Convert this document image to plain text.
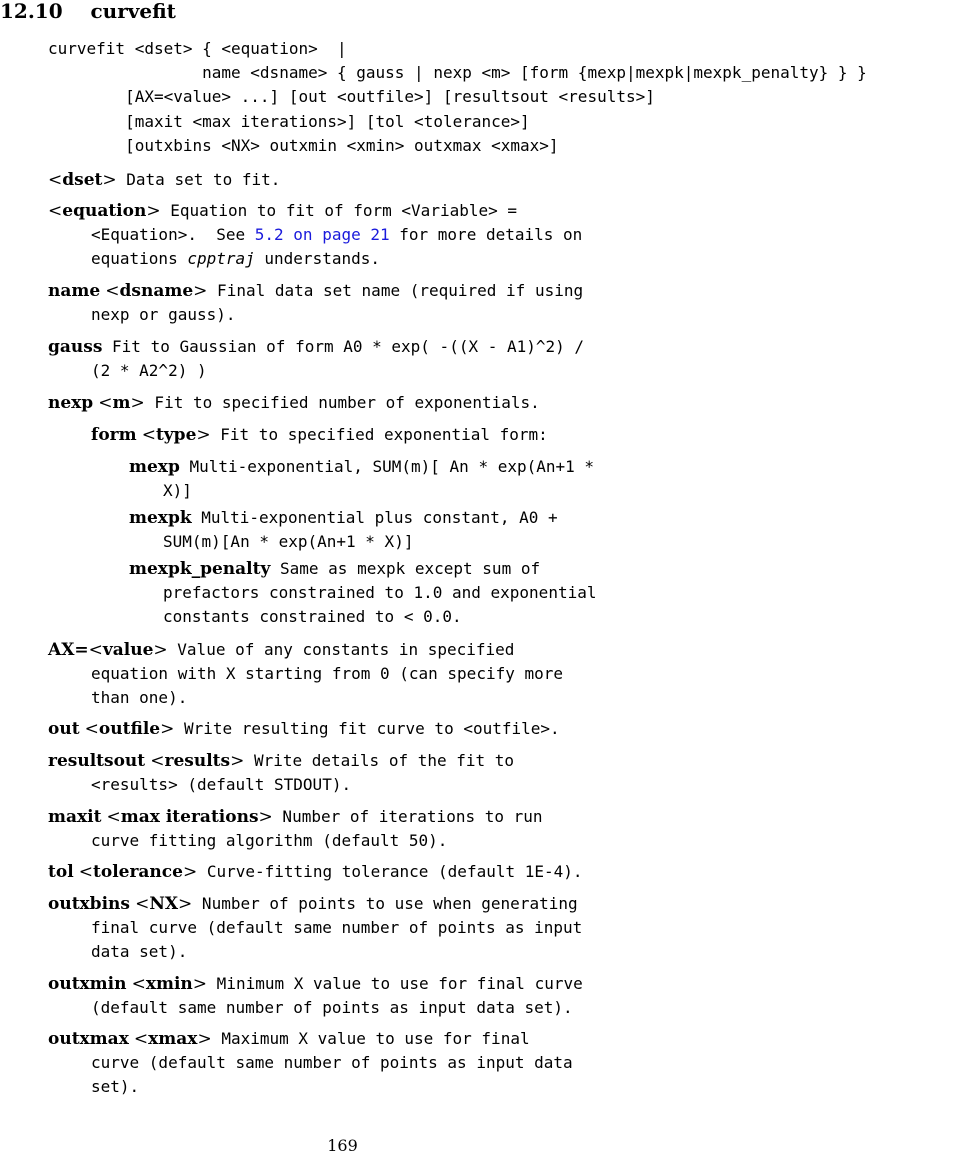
12.10 curvefit
curvefit <dset> { <equation>  |
name <dsname> { gauss | nexp <m> [form {mexp|mexpk|mexpk_penalty} } }
[AX=<value> ...] [out <outfile>] [resultsout <results>]
[maxit <max iterations>] [tol <tolerance>]
[outxbins <NX> outxmin <xmin> outxmax <xmax>]
<dset> Data set to fit.
<equation> Equation to fit of form <Variable> =
<Equation>.  See 5.2 on page 21 for more details on
equations cpptraj understands.
name <dsname> Final data set name (required if using
nexp or gauss).
gauss Fit to Gaussian of form A0 * exp( -((X - A1)^2) /
(2 * A2^2) )
nexp <m> Fit to specified number of exponentials.
form <type> Fit to specified exponential form:
mexp Multi-exponential, SUM(m)[ An * exp(An+1 *
X)]
mexpk Multi-exponential plus constant, A0 +
SUM(m)[An * exp(An+1 * X)]
mexpk_penalty Same as mexpk except sum of
prefactors constrained to 1.0 and exponential
constants constrained to < 0.0.
AX=<value> Value of any constants in specified
equation with X starting from 0 (can specify more
than one).
out <outfile> Write resulting fit curve to <outfile>.
resultsout <results> Write details of the fit to
<results> (default STDOUT).
maxit <max iterations> Number of iterations to run
curve fitting algorithm (default 50).
tol <tolerance> Curve-fitting tolerance (default 1E-4).
outxbins <NX> Number of points to use when generating
final curve (default same number of points as input
data set).
outxmin <xmin> Minimum X value to use for final curve
(default same number of points as input data set).
outxmax <xmax> Maximum X value to use for final
curve (default same number of points as input data
set).
169
